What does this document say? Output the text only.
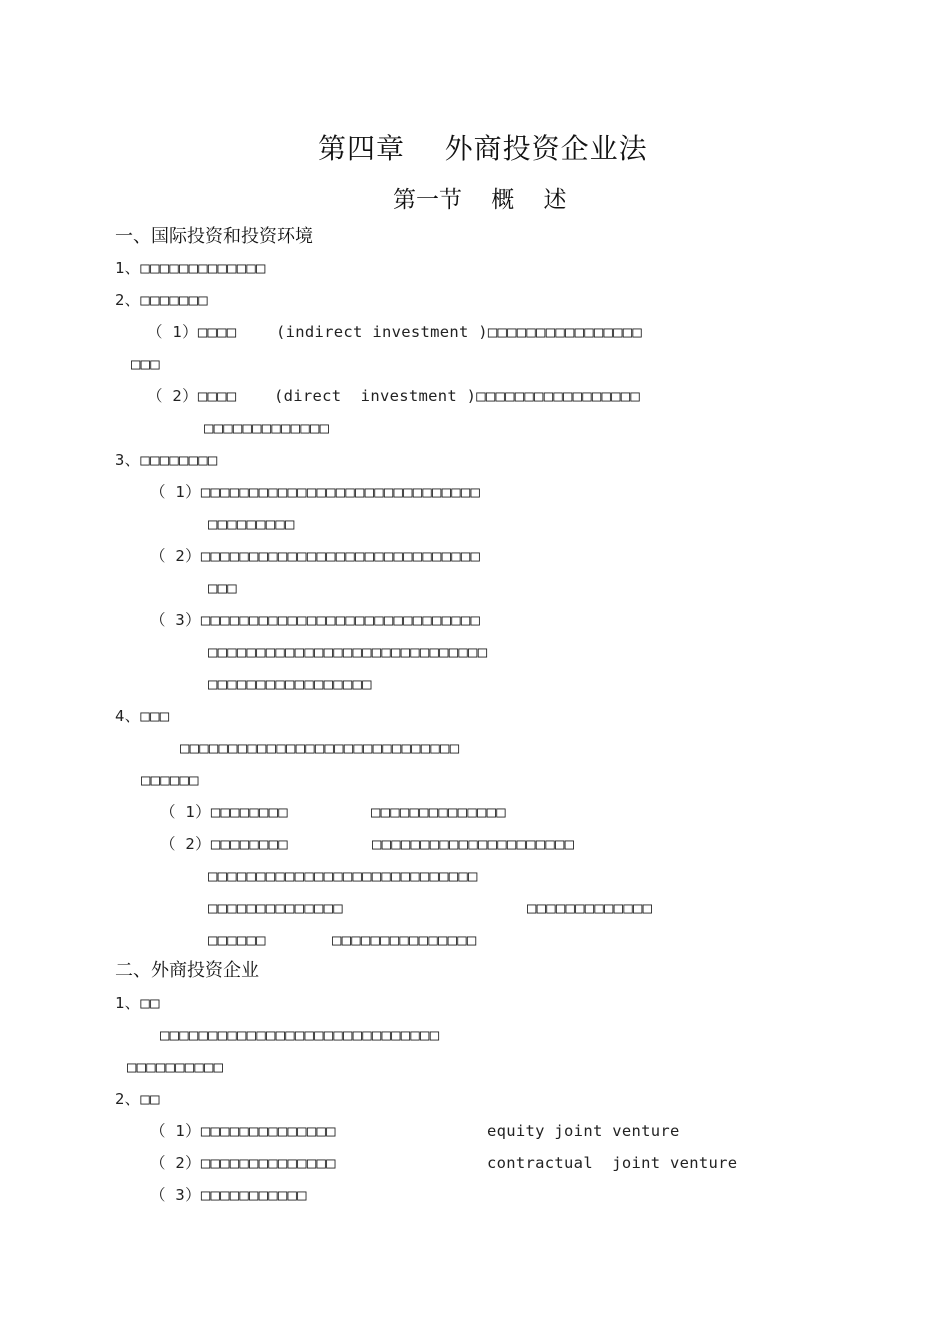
第四章    外商投资企业法
第一节    概    述
一、国际投资和投资环境
1、□□□□□□□□□□□□□
2、□□□□□□□
（ 1）□□□□	(indirect investment )□□□□□□□□□□□□□□□□
□□□
（ 2）□□□□ (direct  investment )□□□□□□□□□□□□□□□□□
□□□□□□□□□□□□□
3、□□□□□□□□
（ 1）□□□□□□□□□□□□□□□□□□□□□□□□□□□□□
□□□□□□□□□
（ 2）□□□□□□□□□□□□□□□□□□□□□□□□□□□□□
□□□
（ 3）□□□□□□□□□□□□□□□□□□□□□□□□□□□□□
□□□□□□□□□□□□□□□□□□□□□□□□□□□□□
□□□□□□□□□□□□□□□□□
4、□□□
□□□□□□□□□□□□□□□□□□□□□□□□□□□□□
□□□□□□
（ 1）□□□□□□□□	□□□□□□□□□□□□□□
（ 2）□□□□□□□□	□□□□□□□□□□□□□□□□□□□□□
□□□□□□□□□□□□□□□□□□□□□□□□□□□□
□□□□□□□□□□□□□□	□□□□□□□□□□□□□
□□□□□□	□□□□□□□□□□□□□□□
二、外商投资企业
1、□□
□□□□□□□□□□□□□□□□□□□□□□□□□□□□□
□□□□□□□□□□
2、□□
（ 1）□□□□□□□□□□□□□□	equity joint venture
（ 2）□□□□□□□□□□□□□□	contractual  joint venture
（ 3）□□□□□□□□□□□
